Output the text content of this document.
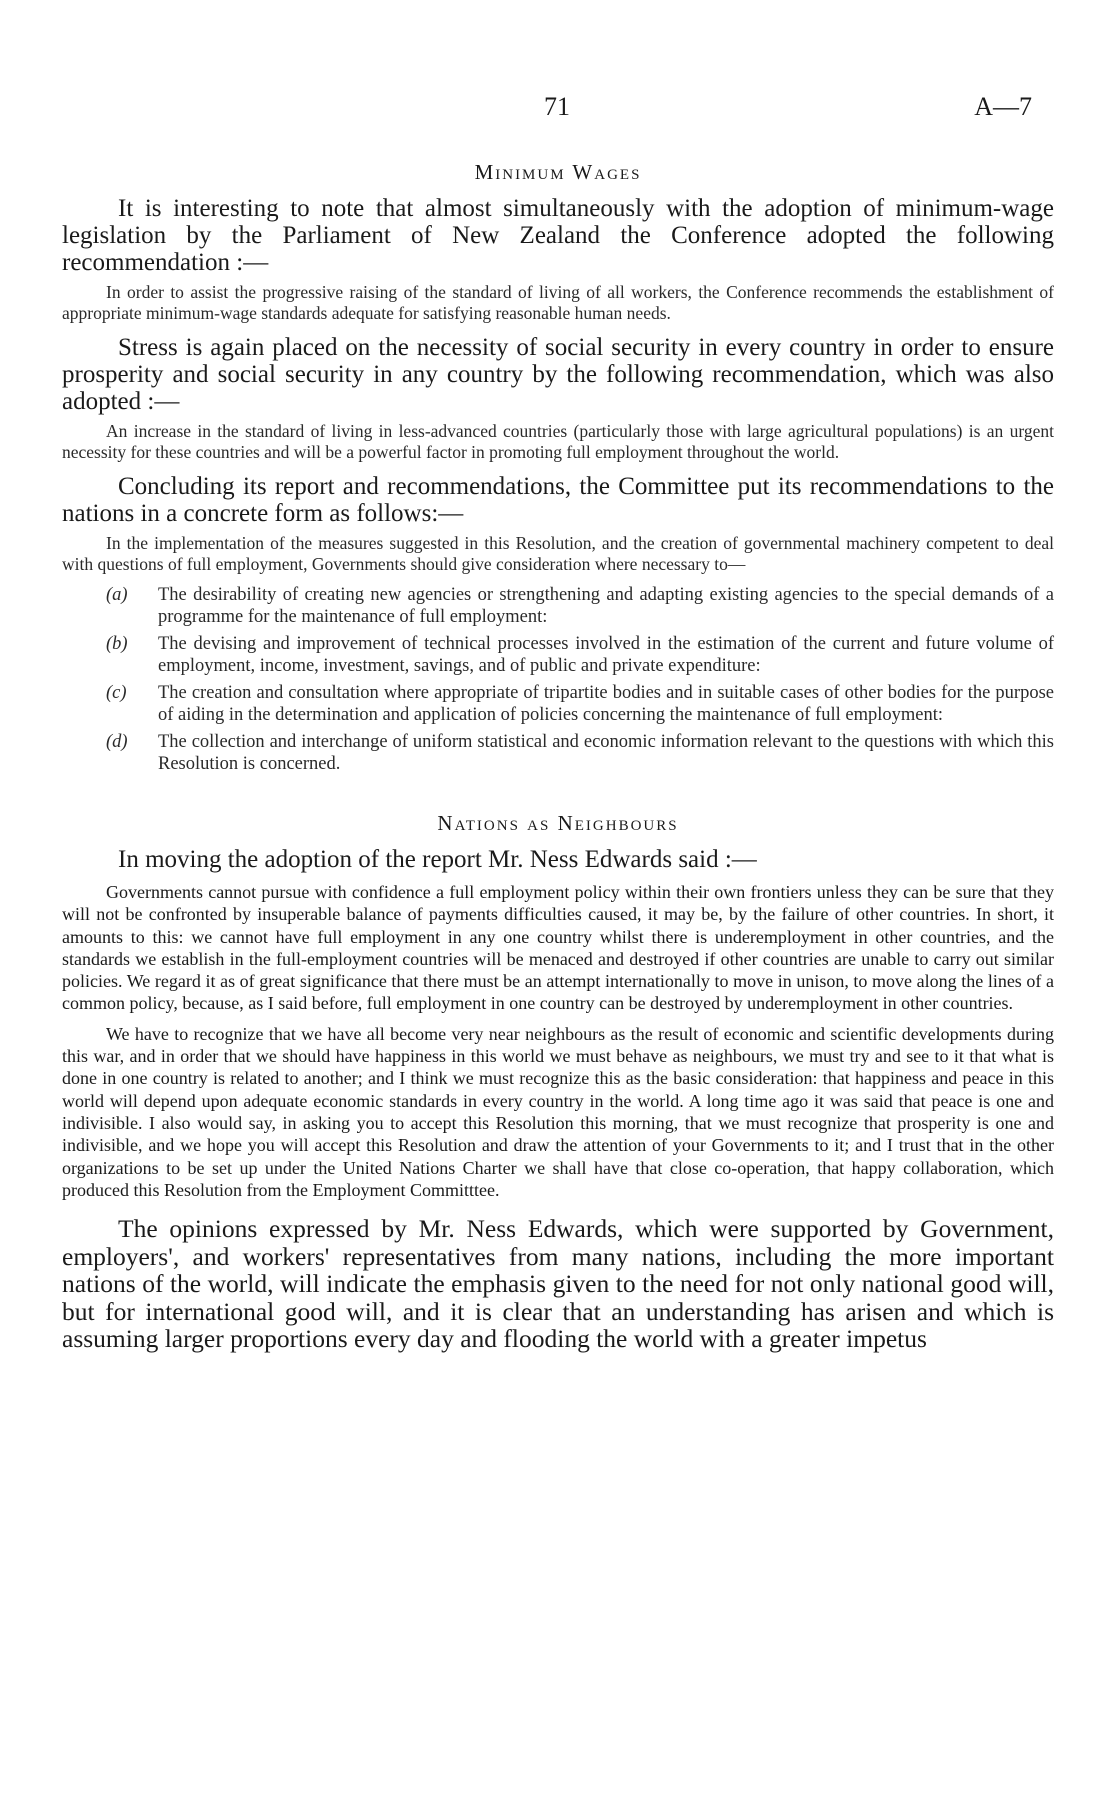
71	A—7
Minimum Wages

It is interesting to note that almost simultaneously with the adoption of minimum-wage legislation by the Parliament of New Zealand the Conference adopted the following recommendation :—

In order to assist the progressive raising of the standard of living of all workers, the Conference recommends the establishment of appropriate minimum-wage standards adequate for satisfying reasonable human needs.

Stress is again placed on the necessity of social security in every country in order to ensure prosperity and social security in any country by the following recommendation, which was also adopted :—

An increase in the standard of living in less-advanced countries (particularly those with large agricultural populations) is an urgent necessity for these countries and will be a powerful factor in promoting full employment throughout the world.

Concluding its report and recommendations, the Committee put its recommendations to the nations in a concrete form as follows:—

In the implementation of the measures suggested in this Resolution, and the creation of governmental machinery competent to deal with questions of full employment, Governments should give consideration where necessary to—

(a) The desirability of creating new agencies or strengthening and adapting existing agencies to the special demands of a programme for the maintenance of full employment:
(b) The devising and improvement of technical processes involved in the estimation of the current and future volume of employment, income, investment, savings, and of public and private expenditure:
(c) The creation and consultation where appropriate of tripartite bodies and in suitable cases of other bodies for the purpose of aiding in the determination and application of policies concerning the maintenance of full employment:
(d) The collection and interchange of uniform statistical and economic information relevant to the questions with which this Resolution is concerned.
Nations as Neighbours

In moving the adoption of the report Mr. Ness Edwards said :—

Governments cannot pursue with confidence a full employment policy within their own frontiers unless they can be sure that they will not be confronted by insuperable balance of payments difficulties caused, it may be, by the failure of other countries. In short, it amounts to this: we cannot have full employment in any one country whilst there is underemployment in other countries, and the standards we establish in the full-employment countries will be menaced and destroyed if other countries are unable to carry out similar policies. We regard it as of great significance that there must be an attempt internationally to move in unison, to move along the lines of a common policy, because, as I said before, full employment in one country can be destroyed by underemployment in other countries.

We have to recognize that we have all become very near neighbours as the result of economic and scientific developments during this war, and in order that we should have happiness in this world we must behave as neighbours, we must try and see to it that what is done in one country is related to another; and I think we must recognize this as the basic consideration: that happiness and peace in this world will depend upon adequate economic standards in every country in the world. A long time ago it was said that peace is one and indivisible. I also would say, in asking you to accept this Resolution this morning, that we must recognize that prosperity is one and indivisible, and we hope you will accept this Resolution and draw the attention of your Governments to it; and I trust that in the other organizations to be set up under the United Nations Charter we shall have that close co-operation, that happy collaboration, which produced this Resolution from the Employment Committtee.

The opinions expressed by Mr. Ness Edwards, which were supported by Government, employers', and workers' representatives from many nations, including the more important nations of the world, will indicate the emphasis given to the need for not only national good will, but for international good will, and it is clear that an understanding has arisen and which is assuming larger proportions every day and flooding the world with a greater impetus
